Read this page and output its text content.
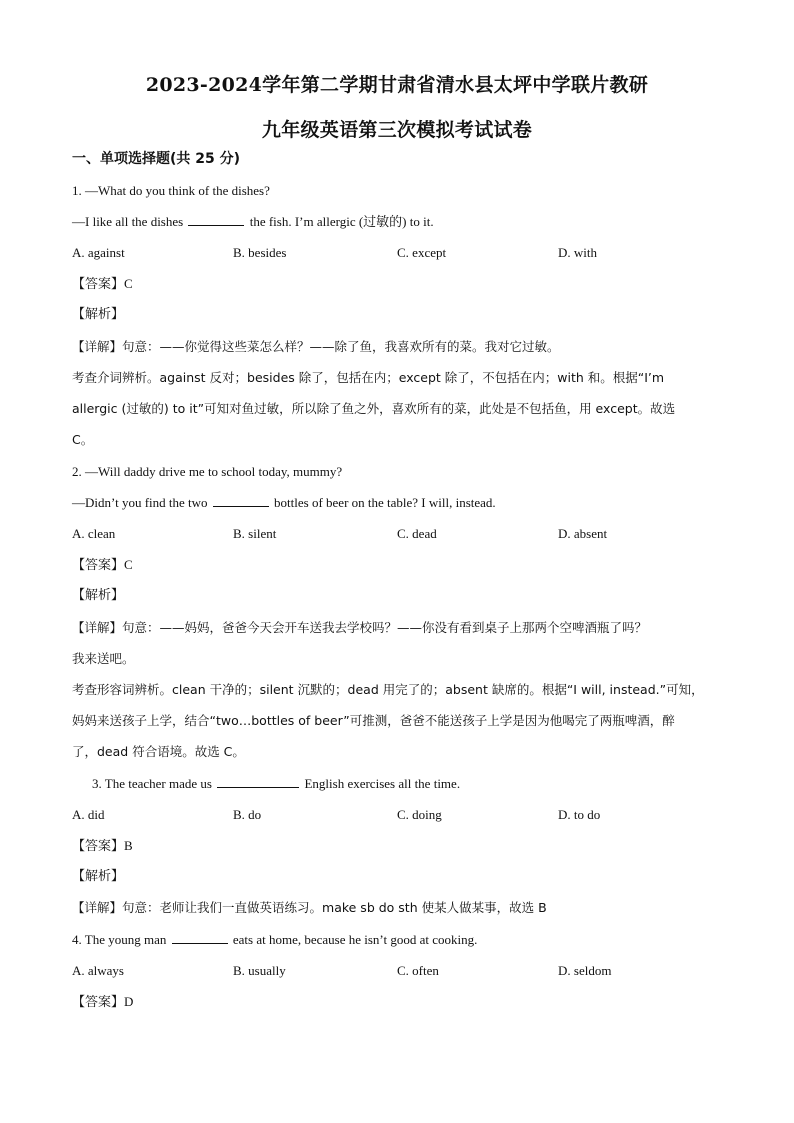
2023-2024学年第二学期甘肃省清水县太坪中学联片教研
九年级英语第三次模拟考试试卷
一、单项选择题(共 25 分)
1. —What do you think of the dishes?
—I like all the dishes	the fish. I’m allergic (过敏的) to it.
A. against	B. besides	C. except	D. with
【答案】C
【解析】
【详解】句意：——你觉得这些菜怎么样？——除了鱼，我喜欢所有的菜。我对它过敏。
考查介词辨析。against 反对；besides 除了，包括在内；except 除了，不包括在内；with 和。根据“I’m
allergic (过敏的) to it”可知对鱼过敏，所以除了鱼之外，喜欢所有的菜，此处是不包括鱼，用 except。故选
C。
2. —Will daddy drive me to school today, mummy?
—Didn’t you find the two	bottles of beer on the table? I will, instead.
A. clean	B. silent	C. dead	D. absent
【答案】C
【解析】
【详解】句意：——妈妈，爸爸今天会开车送我去学校吗？——你没有看到桌子上那两个空啤酒瓶了吗？
我来送吧。
考查形容词辨析。clean 干净的；silent 沉默的；dead 用完了的；absent 缺席的。根据“I will, instead.”可知，
妈妈来送孩子上学，结合“two…bottles of beer”可推测，爸爸不能送孩子上学是因为他喝完了两瓶啤酒，醉
了，dead 符合语境。故选 C。
3. The teacher made us	English exercises all the time.
A. did	B. do	C. doing	D. to do
【答案】B
【解析】
【详解】句意：老师让我们一直做英语练习。make sb do sth 使某人做某事，故选 B
4. The young man	eats at home, because he isn’t good at cooking.
A. always	B. usually	C. often	D. seldom
【答案】D
